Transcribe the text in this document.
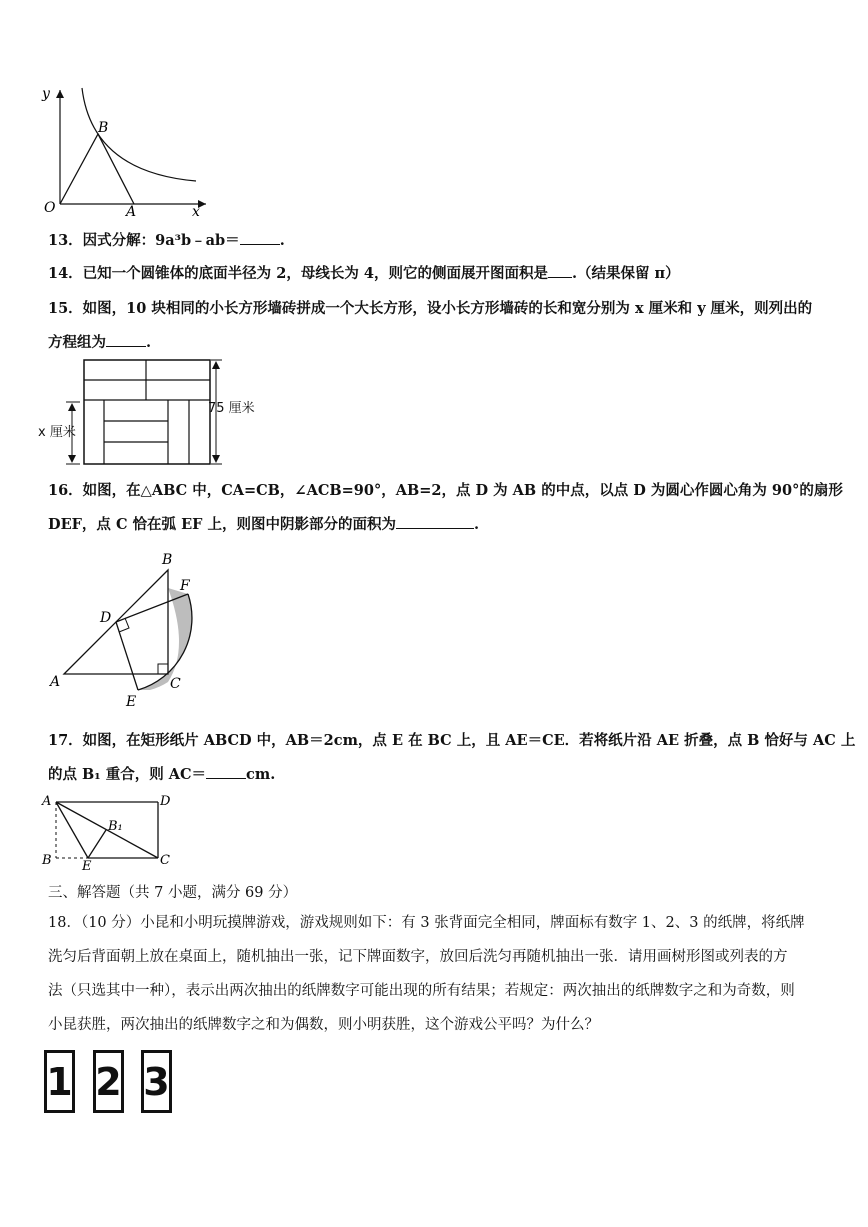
y
x
O
B
A
13．因式分解：9a³b﹣ab＝	.
14．已知一个圆锥体的底面半径为 2，母线长为 4，则它的侧面展开图面积是 .（结果保留 π）
15．如图，10 块相同的小长方形墙砖拼成一个大长方形，设小长方形墙砖的长和宽分别为 x 厘米和 y 厘米，则列出的
方程组为	.
x 厘米
75 厘米
16．如图，在△ABC 中，CA=CB，∠ACB=90°，AB=2，点 D 为 AB 的中点，以点 D 为圆心作圆心角为 90°的扇形
DEF，点 C 恰在弧 EF 上，则图中阴影部分的面积为	.
A
B
C
D
E
F
17．如图，在矩形纸片 ABCD 中，AB＝2cm，点 E 在 BC 上，且 AE＝CE．若将纸片沿 AE 折叠，点 B 恰好与 AC 上
的点 B₁ 重合，则 AC＝	cm.
A	D
B	C
E
B₁
三、解答题（共 7 小题，满分 69 分）
18．（10 分）小昆和小明玩摸牌游戏，游戏规则如下：有 3 张背面完全相同，牌面标有数字 1、2、3 的纸牌，将纸牌
洗匀后背面朝上放在桌面上，随机抽出一张，记下牌面数字，放回后洗匀再随机抽出一张．请用画树形图或列表的方
法（只选其中一种），表示出两次抽出的纸牌数字可能出现的所有结果；若规定：两次抽出的纸牌数字之和为奇数，则
小昆获胜，两次抽出的纸牌数字之和为偶数，则小明获胜，这个游戏公平吗？为什么？
1 2 3
